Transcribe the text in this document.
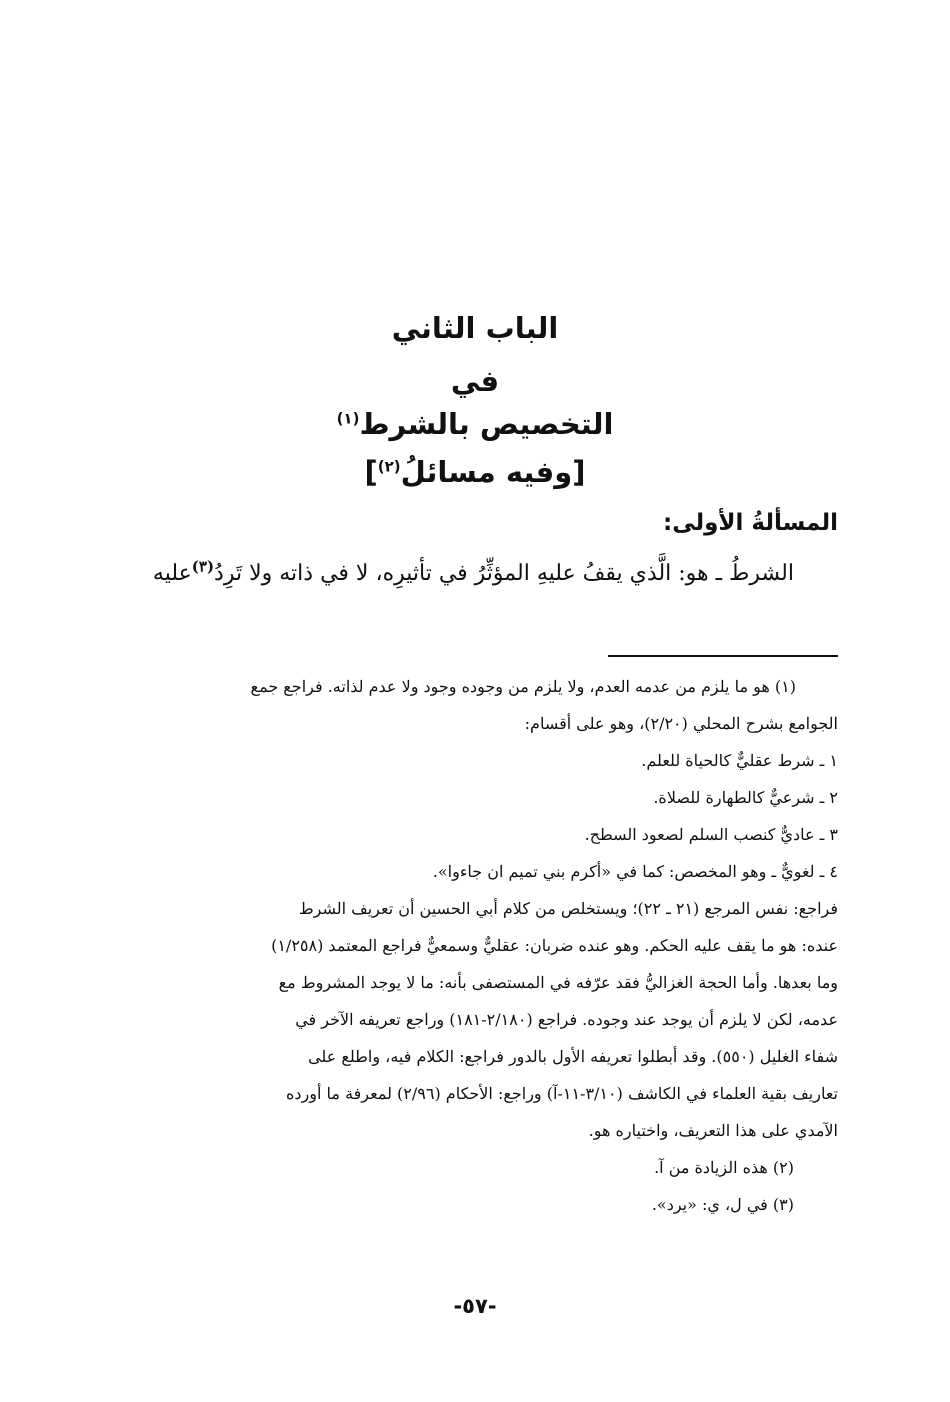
الباب الثاني
في
التخصيص بالشرط$^{(١)}$
[وفيه مسائلُ$^{(٢)}$]
المسألةُ الأولى:
الشرطُ ـ هو: الَّذي يقفُ عليهِ المؤثِّرُ في تأثيرِه، لا في ذاته ولا تَرِدُ$^{(٣)}$عليه
(١) هو ما يلزم من عدمه العدم، ولا يلزم من وجوده وجود ولا عدم لذاته. فراجع جمع
الجوامع بشرح المحلي (٢/٢٠)، وهو على أقسام:
١ ـ شرط عقليٌّ كالحياة للعلم.
٢ ـ شرعيٌّ كالطهارة للصلاة.
٣ ـ عاديٌّ كنصب السلم لصعود السطح.
٤ ـ لغويٌّ ـ وهو المخصص: كما في «أكرم بني تميم ان جاءوا».
فراجع: نفس المرجع (٢١ ـ ٢٢)؛ ويستخلص من كلام أبي الحسين أن تعريف الشرط
عنده: هو ما يقف عليه الحكم. وهو عنده ضربان: عقليٌّ وسمعيٌّ فراجع المعتمد (١/٢٥٨)
وما بعدها. وأما الحجة الغزاليُّ فقد عرّفه في المستصفى بأنه: ما لا يوجد المشروط مع
عدمه، لكن لا يلزم أن يوجد عند وجوده. فراجع (٢/١٨٠-١٨١) وراجع تعريفه الآخر في
شفاء الغليل (٥٥٠). وقد أبطلوا تعريفه الأول بالدور فراجع: الكلام فيه، واطلع على
تعاريف بقية العلماء في الكاشف (٣/١٠-١١-آ) وراجع: الأحكام (٢/٩٦) لمعرفة ما أورده
الآمدي على هذا التعريف، واختياره هو.
(٢) هذه الزيادة من آ.
(٣) في ل، ي: «يرد».
-٥٧-
